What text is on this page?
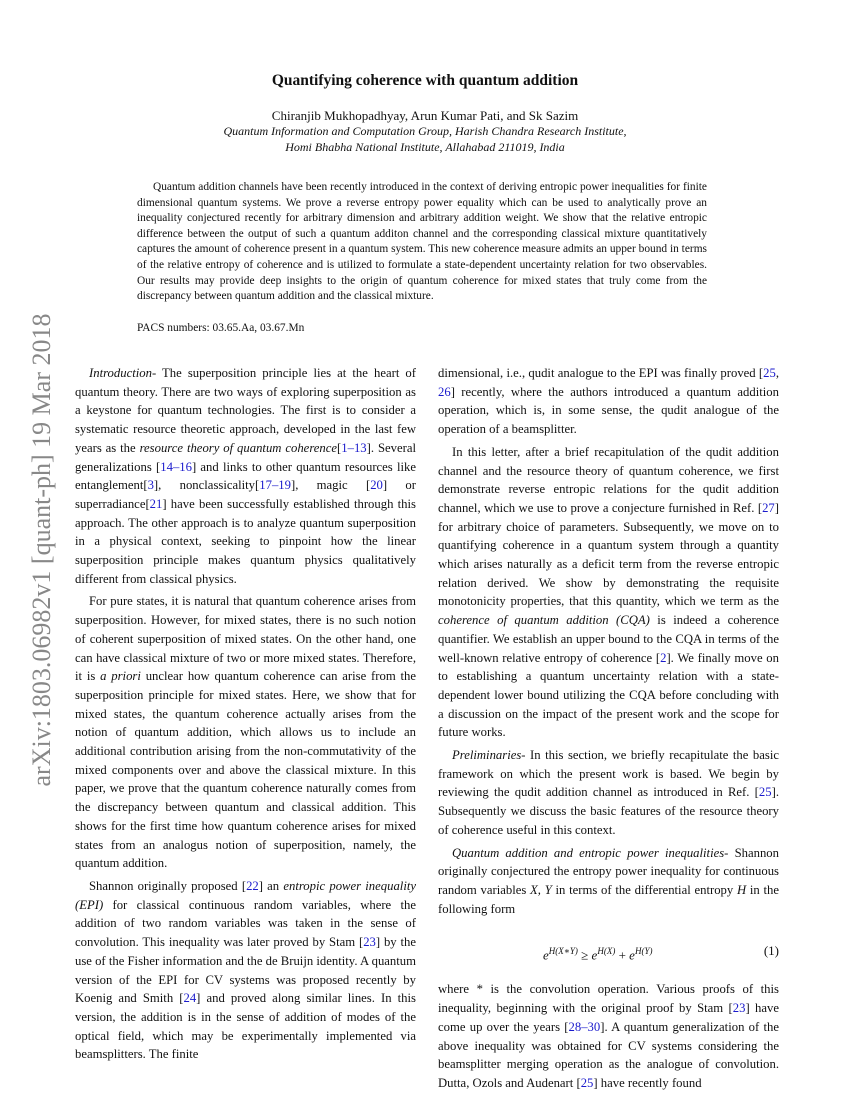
arXiv:1803.06982v1 [quant-ph] 19 Mar 2018
Quantifying coherence with quantum addition
Chiranjib Mukhopadhyay, Arun Kumar Pati, and Sk Sazim
Quantum Information and Computation Group, Harish Chandra Research Institute,
Homi Bhabha National Institute, Allahabad 211019, India
Quantum addition channels have been recently introduced in the context of deriving entropic power inequalities for finite dimensional quantum systems. We prove a reverse entropy power equality which can be used to analytically prove an inequality conjectured recently for arbitrary dimension and arbitrary addition weight. We show that the relative entropic difference between the output of such a quantum additon channel and the corresponding classical mixture quantitatively captures the amount of coherence present in a quantum system. This new coherence measure admits an upper bound in terms of the relative entropy of coherence and is utilized to formulate a state-dependent uncertainty relation for two observables. Our results may provide deep insights to the origin of quantum coherence for mixed states that truly come from the discrepancy between quantum addition and the classical mixture.
PACS numbers: 03.65.Aa, 03.67.Mn

Introduction- The superposition principle lies at the heart of quantum theory. There are two ways of exploring superposition as a keystone for quantum technologies. The first is to consider a systematic resource theoretic approach, developed in the last few years as the resource theory of quantum coherence[1–13]. Several generalizations [14–16] and links to other quantum resources like entanglement[3], nonclassicality[17–19], magic [20] or superradiance[21] have been successfully established through this approach. The other approach is to analyze quantum superposition in a physical context, seeking to pinpoint how the linear superposition principle makes quantum physics qualitatively different from classical physics.

For pure states, it is natural that quantum coherence arises from superposition. However, for mixed states, there is no such notion of coherent superposition of mixed states. On the other hand, one can have classical mixture of two or more mixed states. Therefore, it is a priori unclear how quantum coherence can arise from the superposition principle for mixed states. Here, we show that for mixed states, the quantum coherence actually arises from the notion of quantum addition, which allows us to include an additional contribution arising from the non-commutativity of the mixed components over and above the classical mixture. In this paper, we prove that the quantum coherence naturally comes from the discrepancy between quantum and classical addition. This shows for the first time how quantum coherence arises for mixed states from an analogus notion of superposition, namely, the quantum addition.

Shannon originally proposed [22] an entropic power inequality (EPI) for classical continuous random variables, where the addition of two random variables was taken in the sense of convolution. This inequality was later proved by Stam [23] by the use of the Fisher information and the de Bruijn identity. A quantum version of the EPI for CV systems was proposed recently by Koenig and Smith [24] and proved along similar lines. In this version, the addition is in the sense of addition of modes of the optical field, which may be experimentally implemented via beamsplitters. The finite

dimensional, i.e., qudit analogue to the EPI was finally proved [25, 26] recently, where the authors introduced a quantum addition operation, which is, in some sense, the qudit analogue of the operation of a beamsplitter.

In this letter, after a brief recapitulation of the qudit addition channel and the resource theory of quantum coherence, we first demonstrate reverse entropic relations for the qudit addition channel, which we use to prove a conjecture furnished in Ref. [27] for arbitrary choice of parameters. Subsequently, we move on to quantifying coherence in a quantum system through a quantity which arises naturally as a deficit term from the reverse entropic relation derived. We show by demonstrating the requisite monotonicity properties, that this quantity, which we term as the coherence of quantum addition (CQA) is indeed a coherence quantifier. We establish an upper bound to the CQA in terms of the well-known relative entropy of coherence [2]. We finally move on to establishing a quantum uncertainty relation with a state-dependent lower bound utilizing the CQA before concluding with a discussion on the impact of the present work and the scope for future works.

Preliminaries- In this section, we briefly recapitulate the basic framework on which the present work is based. We begin by reviewing the qudit addition channel as introduced in Ref. [25]. Subsequently we discuss the basic features of the resource theory of coherence useful in this context.

Quantum addition and entropic power inequalities- Shannon originally conjectured the entropy power inequality for continuous random variables X, Y in terms of the differential entropy H in the following form

$e^{H(X∗Y)} \ge e^{H(X)} + e^{H(Y)}$	(1)

where * is the convolution operation. Various proofs of this inequality, beginning with the original proof by Stam [23] have come up over the years [28–30]. A quantum generalization of the above inequality was obtained for CV systems considering the beamsplitter merging operation as the analogue of convolution. Dutta, Ozols and Audenart [25] have recently found
